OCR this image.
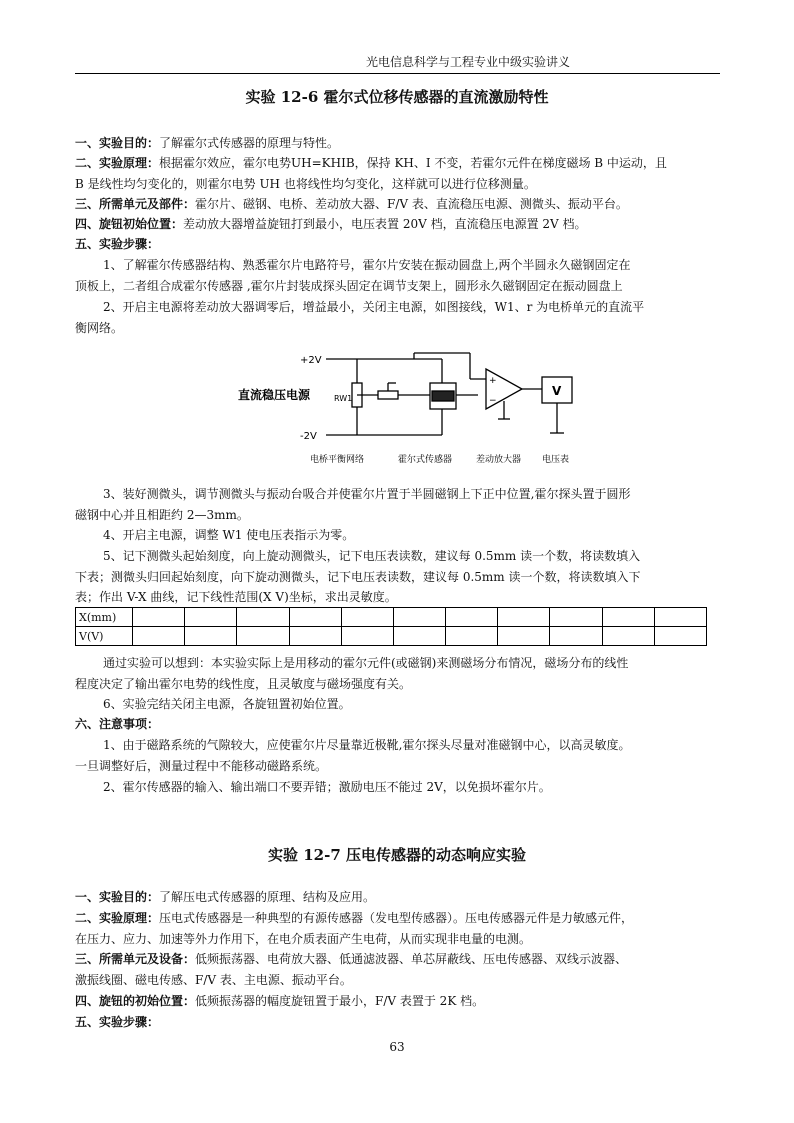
光电信息科学与工程专业中级实验讲义
实验 12-6 霍尔式位移传感器的直流激励特性
一、实验目的：了解霍尔式传感器的原理与特性。
二、实验原理：根据霍尔效应，霍尔电势UH=KHIB，保持 KH、I 不变，若霍尔元件在梯度磁场 B 中运动，且
B 是线性均匀变化的，则霍尔电势 UH 也将线性均匀变化，这样就可以进行位移测量。
三、所需单元及部件：霍尔片、磁钢、电桥、差动放大器、F/V 表、直流稳压电源、测微头、振动平台。
四、旋钮初始位置：差动放大器增益旋钮打到最小，电压表置 20V 档，直流稳压电源置 2V 档。
五、实验步骤：
1、了解霍尔传感器结构、熟悉霍尔片电路符号，霍尔片安装在振动圆盘上,两个半圆永久磁钢固定在
顶板上，二者组合成霍尔传感器 ,霍尔片封装成探头固定在调节支架上，圆形永久磁钢固定在振动圆盘上
2、开启主电源将差动放大器调零后，增益最小，关闭主电源，如图接线，W1、r 为电桥单元的直流平
衡网络。
+2V
-2V
直流稳压电源	RW1
+
−
V
电桥平衡网络	霍尔式传感器	差动放大器 电压表
3、装好测微头，调节测微头与振动台吸合并使霍尔片置于半圆磁钢上下正中位置,霍尔探头置于圆形
磁钢中心并且相距约 2—3mm。
4、开启主电源，调整 W1 使电压表指示为零。
5、记下测微头起始刻度，向上旋动测微头，记下电压表读数，建议每 0.5mm 读一个数，将读数填入
下表；测微头归回起始刻度，向下旋动测微头，记下电压表读数，建议每 0.5mm 读一个数，将读数填入下
表；作出 V-X 曲线，记下线性范围(X V)坐标，求出灵敏度。
X(mm)											
V(V)											
通过实验可以想到：本实验实际上是用移动的霍尔元件(或磁钢)来测磁场分布情况，磁场分布的线性
程度决定了输出霍尔电势的线性度，且灵敏度与磁场强度有关。
6、实验完结关闭主电源，各旋钮置初始位置。
六、注意事项：
1、由于磁路系统的气隙较大，应使霍尔片尽量靠近极靴,霍尔探头尽量对准磁钢中心，以高灵敏度。
一旦调整好后，测量过程中不能移动磁路系统。
2、霍尔传感器的输入、输出端口不要弄错；激励电压不能过 2V，以免损坏霍尔片。
实验 12-7 压电传感器的动态响应实验
一、实验目的：了解压电式传感器的原理、结构及应用。
二、实验原理：压电式传感器是一种典型的有源传感器（发电型传感器）。压电传感器元件是力敏感元件，
在压力、应力、加速等外力作用下，在电介质表面产生电荷，从而实现非电量的电测。
三、所需单元及设备：低频振荡器、电荷放大器、低通滤波器、单芯屏蔽线、压电传感器、双线示波器、
激振线圈、磁电传感、F/V 表、主电源、振动平台。
四、旋钮的初始位置：低频振荡器的幅度旋钮置于最小，F/V 表置于 2K 档。
五、实验步骤：
63
